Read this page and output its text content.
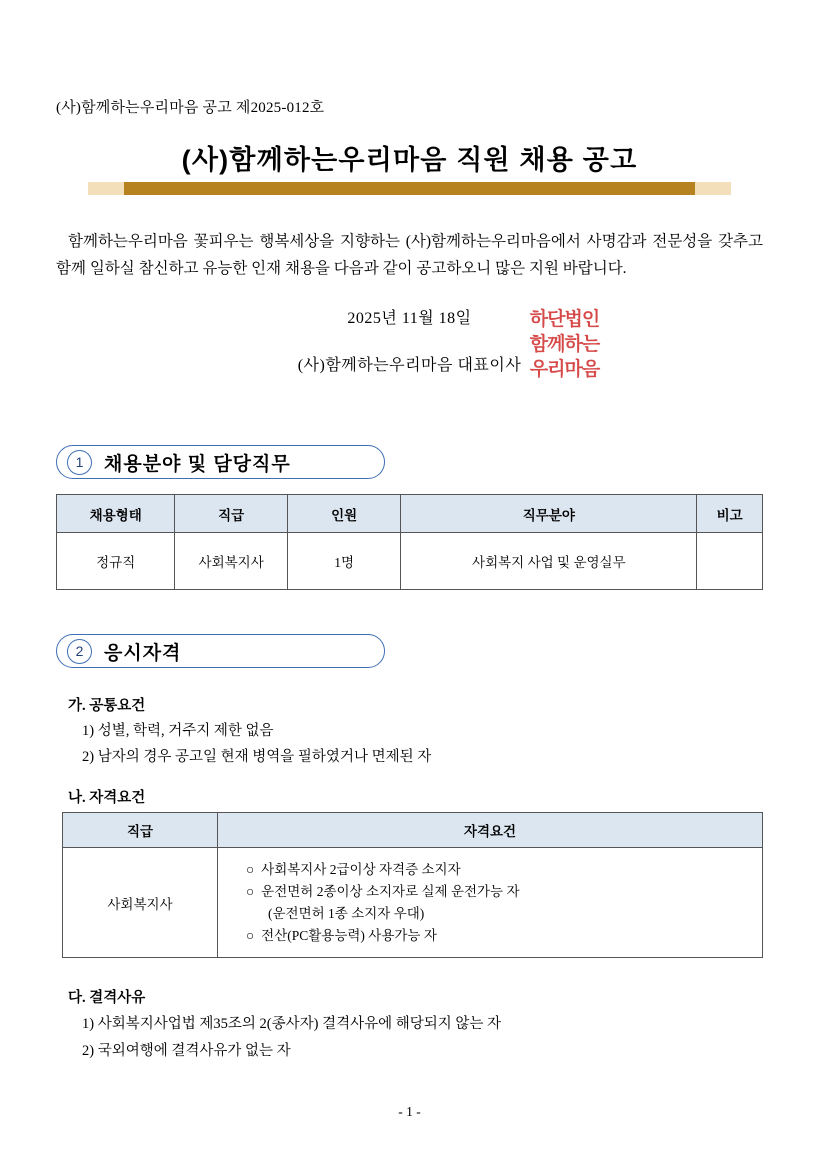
(사)함께하는우리마음 공고 제2025-012호
(사)함께하는우리마음 직원 채용 공고
함께하는우리마음 꽃피우는 행복세상을 지향하는 (사)함께하는우리마음에서 사명감과 전문성을 갖추고 함께 일하실 참신하고 유능한 인재 채용을 다음과 같이 공고하오니 많은 지원 바랍니다.
2025년 11월 18일
(사)함께하는우리마음 대표이사
하단법인
함께하는
우리마음
1	채용분야 및 담당직무
채용형태	직급	인원	직무분야	비고
정규직	사회복지사	1명	사회복지 사업 및 운영실무	
2	응시자격
가. 공통요건
1) 성별, 학력, 거주지 제한 없음
2) 남자의 경우 공고일 현재 병역을 필하였거나 면제된 자
나. 자격요건
직급	자격요건
사회복지사	○ 사회복지사 2급이상 자격증 소지자
○ 운전면허 2종이상 소지자로 실제 운전가능 자
(운전면허 1종 소지자 우대)
○ 전산(PC활용능력) 사용가능 자
다. 결격사유
1) 사회복지사업법 제35조의 2(종사자) 결격사유에 해당되지 않는 자
2) 국외여행에 결격사유가 없는 자
- 1 -
